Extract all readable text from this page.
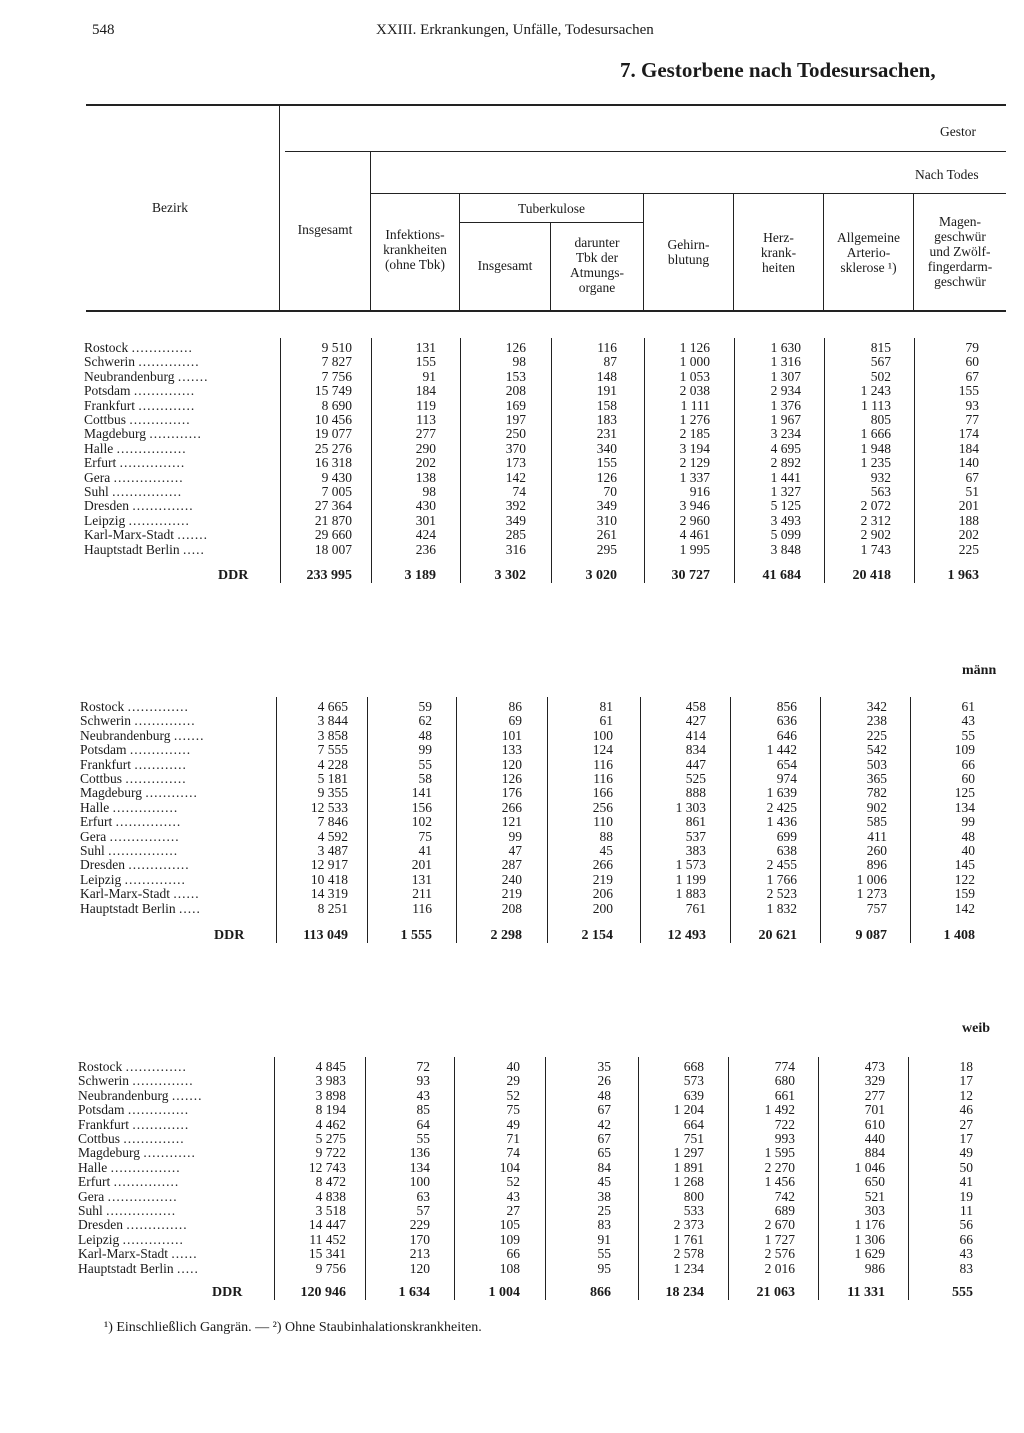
548	XXIII. Erkrankungen, Unfälle, Todesursachen
7. Gestorbene nach Todesursachen,
Bezirk
Gestor
Nach Todes
Insgesamt	Infektions-
krankheiten
(ohne Tbk)
Tuberkulose
Insgesamt
darunter
Tbk der
Atmungs-
organe
Gehirn-
blutung
Herz-
krank-
heiten
Allgemeine
Arterio-
sklerose ¹)
Magen-
geschwür
und Zwölf-
fingerdarm-
geschwür
Rostock ..............	9 510	131	126	116	1 126	1 630	815	79
Schwerin ..............	7 827	155	98	87	1 000	1 316	567	60
Neubrandenburg .......	7 756	91	153	148	1 053	1 307	502	67
Potsdam ..............	15 749	184	208	191	2 038	2 934	1 243	155
Frankfurt .............	8 690	119	169	158	1 111	1 376	1 113	93
Cottbus ..............	10 456	113	197	183	1 276	1 967	805	77
Magdeburg ............	19 077	277	250	231	2 185	3 234	1 666	174
Halle ................	25 276	290	370	340	3 194	4 695	1 948	184
Erfurt ...............	16 318	202	173	155	2 129	2 892	1 235	140
Gera ................	9 430	138	142	126	1 337	1 441	932	67
Suhl ................	7 005	98	74	70	916	1 327	563	51
Dresden ..............	27 364	430	392	349	3 946	5 125	2 072	201
Leipzig ..............	21 870	301	349	310	2 960	3 493	2 312	188
Karl-Marx-Stadt .......	29 660	424	285	261	4 461	5 099	2 902	202
Hauptstadt Berlin .....	18 007	236	316	295	1 995	3 848	1 743	225
DDR	233 995	3 189	3 302	3 020	30 727	41 684	20 418	1 963
männ
Rostock ..............	4 665	59	86	81	458	856	342	61
Schwerin ..............	3 844	62	69	61	427	636	238	43
Neubrandenburg .......	3 858	48	101	100	414	646	225	55
Potsdam ..............	7 555	99	133	124	834	1 442	542	109
Frankfurt ............	4 228	55	120	116	447	654	503	66
Cottbus ..............	5 181	58	126	116	525	974	365	60
Magdeburg ............	9 355	141	176	166	888	1 639	782	125
Halle ...............	12 533	156	266	256	1 303	2 425	902	134
Erfurt ...............	7 846	102	121	110	861	1 436	585	99
Gera ................	4 592	75	99	88	537	699	411	48
Suhl ................	3 487	41	47	45	383	638	260	40
Dresden ..............	12 917	201	287	266	1 573	2 455	896	145
Leipzig ..............	10 418	131	240	219	1 199	1 766	1 006	122
Karl-Marx-Stadt ......	14 319	211	219	206	1 883	2 523	1 273	159
Hauptstadt Berlin .....	8 251	116	208	200	761	1 832	757	142
DDR	113 049	1 555	2 298	2 154	12 493	20 621	9 087	1 408
weib
Rostock ..............	4 845	72	40	35	668	774	473	18
Schwerin ..............	3 983	93	29	26	573	680	329	17
Neubrandenburg .......	3 898	43	52	48	639	661	277	12
Potsdam ..............	8 194	85	75	67	1 204	1 492	701	46
Frankfurt .............	4 462	64	49	42	664	722	610	27
Cottbus ..............	5 275	55	71	67	751	993	440	17
Magdeburg ............	9 722	136	74	65	1 297	1 595	884	49
Halle ................	12 743	134	104	84	1 891	2 270	1 046	50
Erfurt ...............	8 472	100	52	45	1 268	1 456	650	41
Gera ................	4 838	63	43	38	800	742	521	19
Suhl ................	3 518	57	27	25	533	689	303	11
Dresden ..............	14 447	229	105	83	2 373	2 670	1 176	56
Leipzig ..............	11 452	170	109	91	1 761	1 727	1 306	66
Karl-Marx-Stadt ......	15 341	213	66	55	2 578	2 576	1 629	43
Hauptstadt Berlin .....	9 756	120	108	95	1 234	2 016	986	83
DDR	120 946	1 634	1 004	866	18 234	21 063	11 331	555
¹) Einschließlich Gangrän. — ²) Ohne Staubinhalationskrankheiten.
